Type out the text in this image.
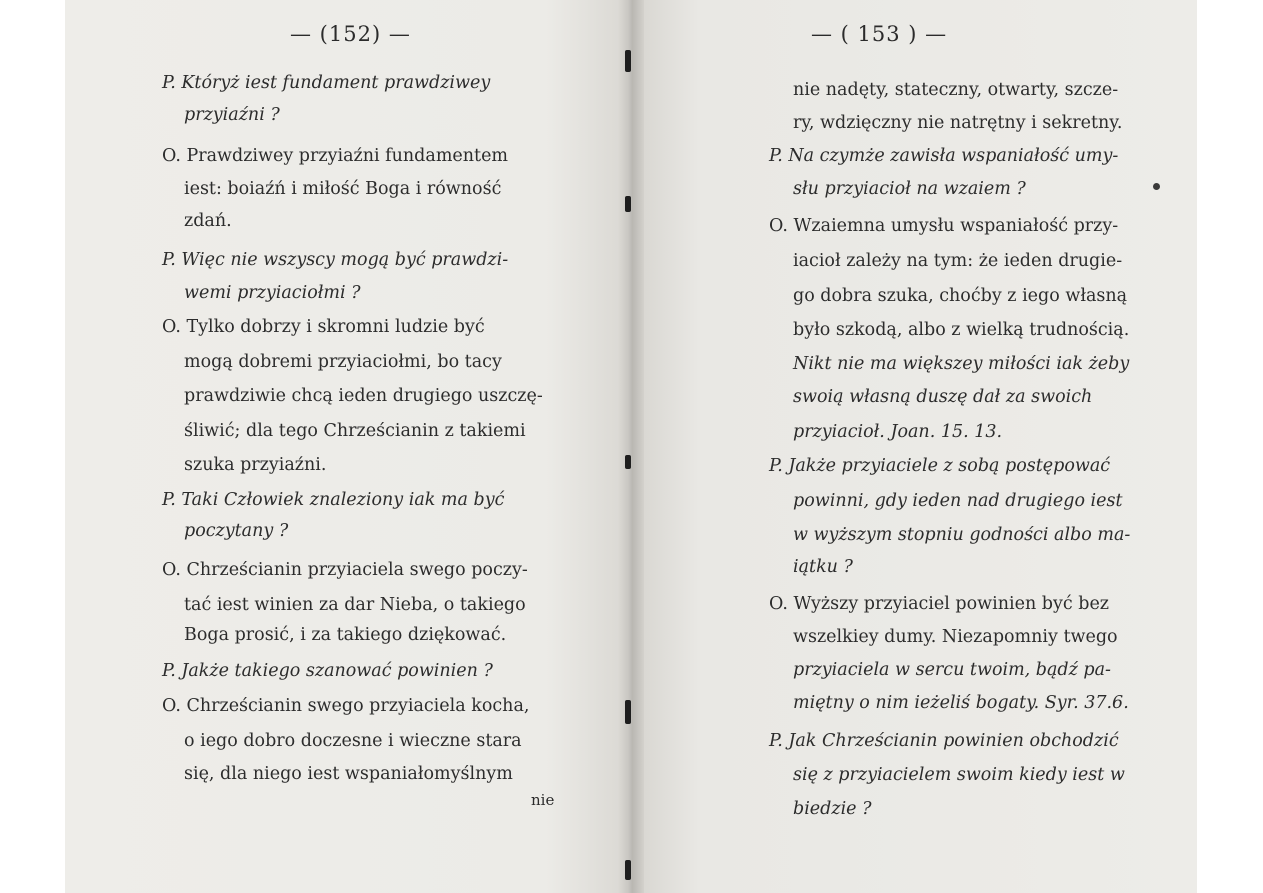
— (152) —
P. Któryż iest fundament prawdziwey
przyiaźni ?
O. Prawdziwey przyiaźni fundamentem
iest: boiaźń i miłość Boga i równość
zdań.
P. Więc nie wszyscy mogą być prawdzi-
wemi przyiaciołmi ?
O. Tylko dobrzy i skromni ludzie być
mogą dobremi przyiaciołmi, bo tacy
prawdziwie chcą ieden drugiego uszczę-
śliwić; dla tego Chrześcianin z takiemi
szuka przyiaźni.
P. Taki Człowiek znaleziony iak ma być
poczytany ?
O. Chrześcianin przyiaciela swego poczy-
tać iest winien za dar Nieba, o takiego
Boga prosić, i za takiego dziękować.
P. Jakże takiego szanować powinien ?
O. Chrześcianin swego przyiaciela kocha,
o iego dobro doczesne i wieczne stara
się, dla niego iest wspaniałomyślnym
nie
— ( 153 ) —
nie nadęty, stateczny, otwarty, szcze-
ry, wdzięczny nie natrętny i sekretny.
P. Na czymże zawisła wspaniałość umy-
słu przyiacioł na wzaiem ?
O. Wzaiemna umysłu wspaniałość przy-
iacioł zależy na tym: że ieden drugie-
go dobra szuka, choćby z iego własną
było szkodą, albo z wielką trudnością.
Nikt nie ma większey miłości iak żeby
swoią własną duszę dał za swoich
przyiacioł. Joan. 15. 13.
P. Jakże przyiaciele z sobą postępować
powinni, gdy ieden nad drugiego iest
w wyższym stopniu godności albo ma-
iątku ?
O. Wyższy przyiaciel powinien być bez
wszelkiey dumy. Niezapomniy twego
przyiaciela w sercu twoim, bądź pa-
miętny o nim ieżeliś bogaty. Syr. 37.6.
P. Jak Chrześcianin powinien obchodzić
się z przyiacielem swoim kiedy iest w
biedzie ?
